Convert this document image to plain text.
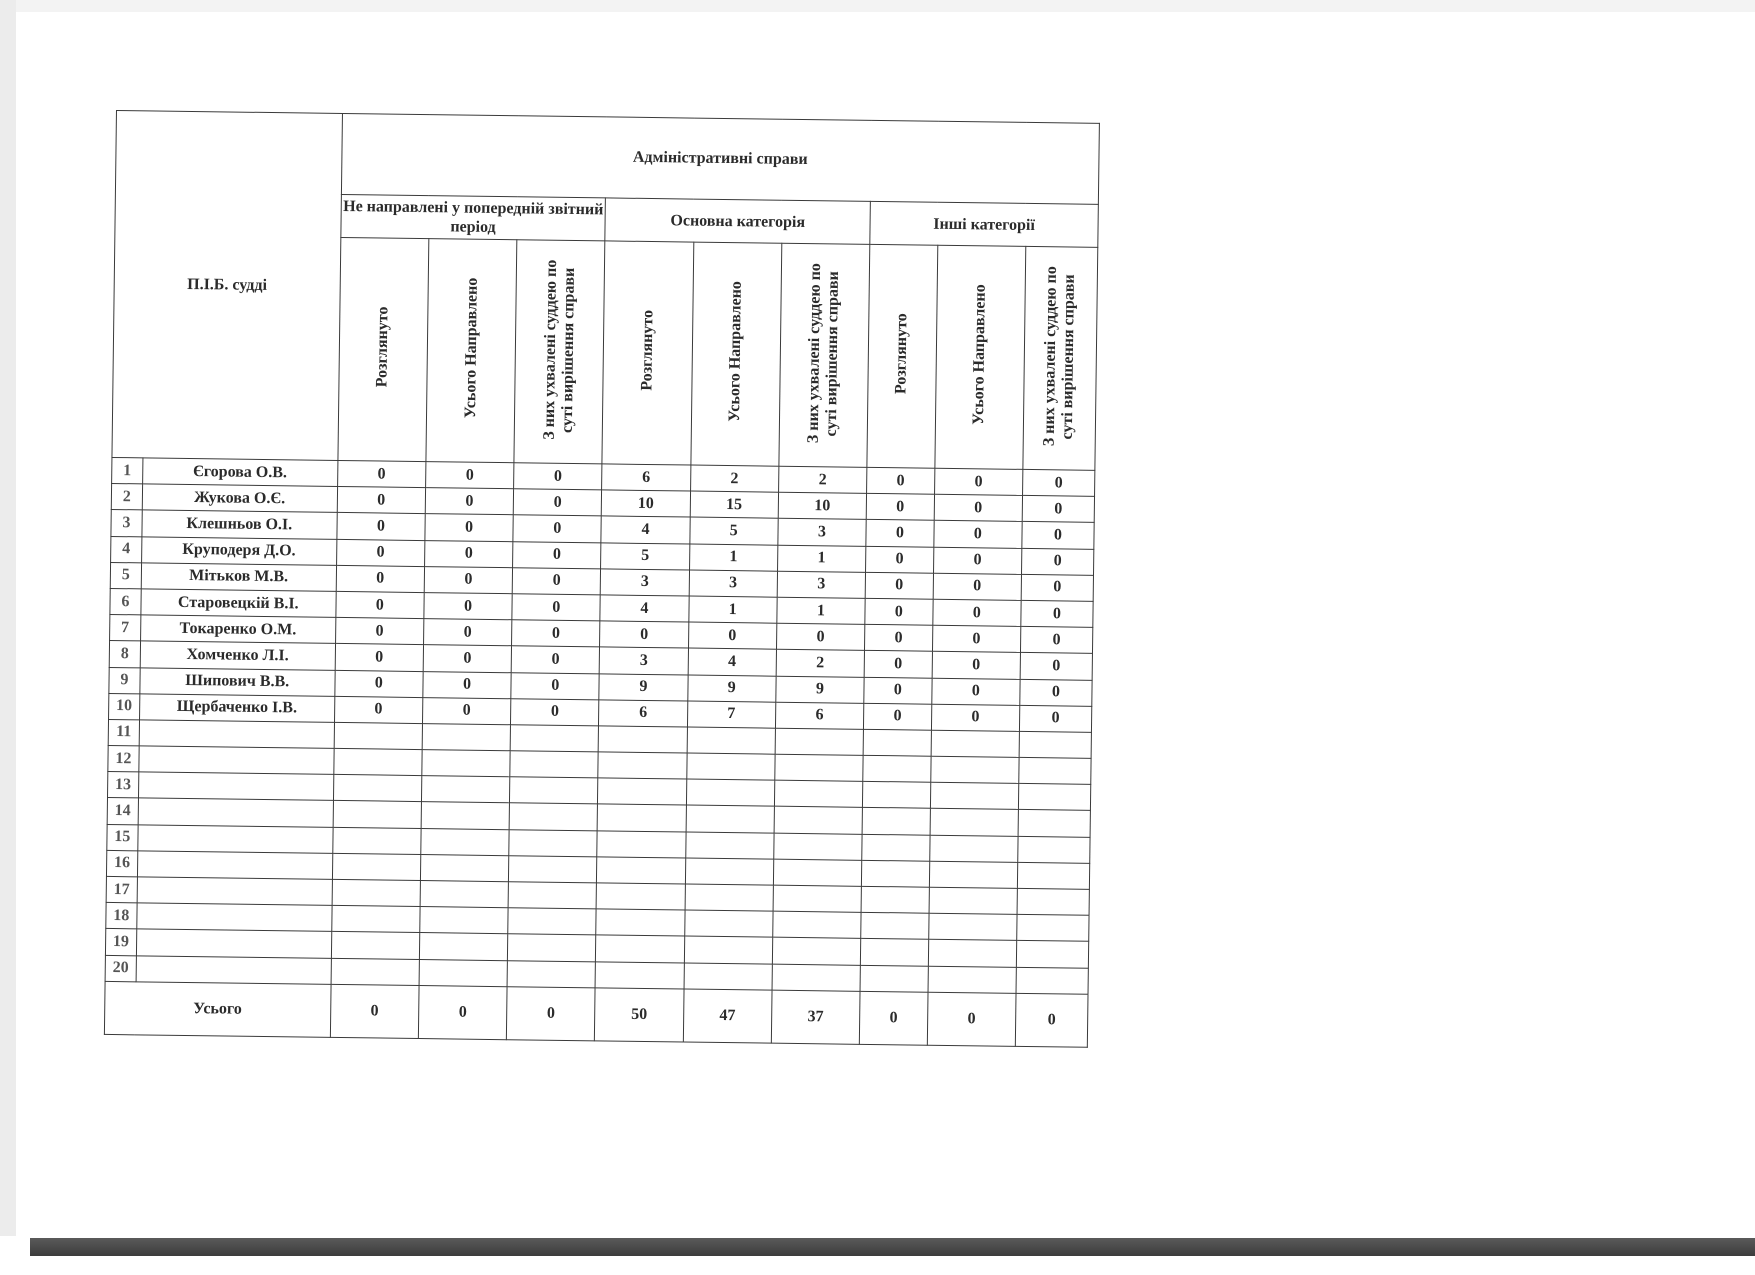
П.І.Б. судді		Адміністративні справи								
		Не направлені у попередній звітний період			Основна категорія			Інші категорії		
		Розглянуто	Усього Направлено	З них ухвалені суддею по суті вирішення справи	Розглянуто	Усього Направлено	З них ухвалені суддею по суті вирішення справи	Розглянуто	Усього Направлено	З них ухвалені суддею по суті вирішення справи
1	Єгорова О.В.	0	0	0	6	2	2	0	0	0
2	Жукова О.Є.	0	0	0	10	15	10	0	0	0
3	Клешньов О.І.	0	0	0	4	5	3	0	0	0
4	Круподеря Д.О.	0	0	0	5	1	1	0	0	0
5	Мітьков М.В.	0	0	0	3	3	3	0	0	0
6	Старовецкій В.І.	0	0	0	4	1	1	0	0	0
7	Токаренко О.М.	0	0	0	0	0	0	0	0	0
8	Хомченко Л.І.	0	0	0	3	4	2	0	0	0
9	Шипович В.В.	0	0	0	9	9	9	0	0	0
10	Щербаченко І.В.	0	0	0	6	7	6	0	0	0
11										
12										
13										
14										
15										
16										
17										
18										
19										
20										
Усього		0	0	0	50	47	37	0	0	0
